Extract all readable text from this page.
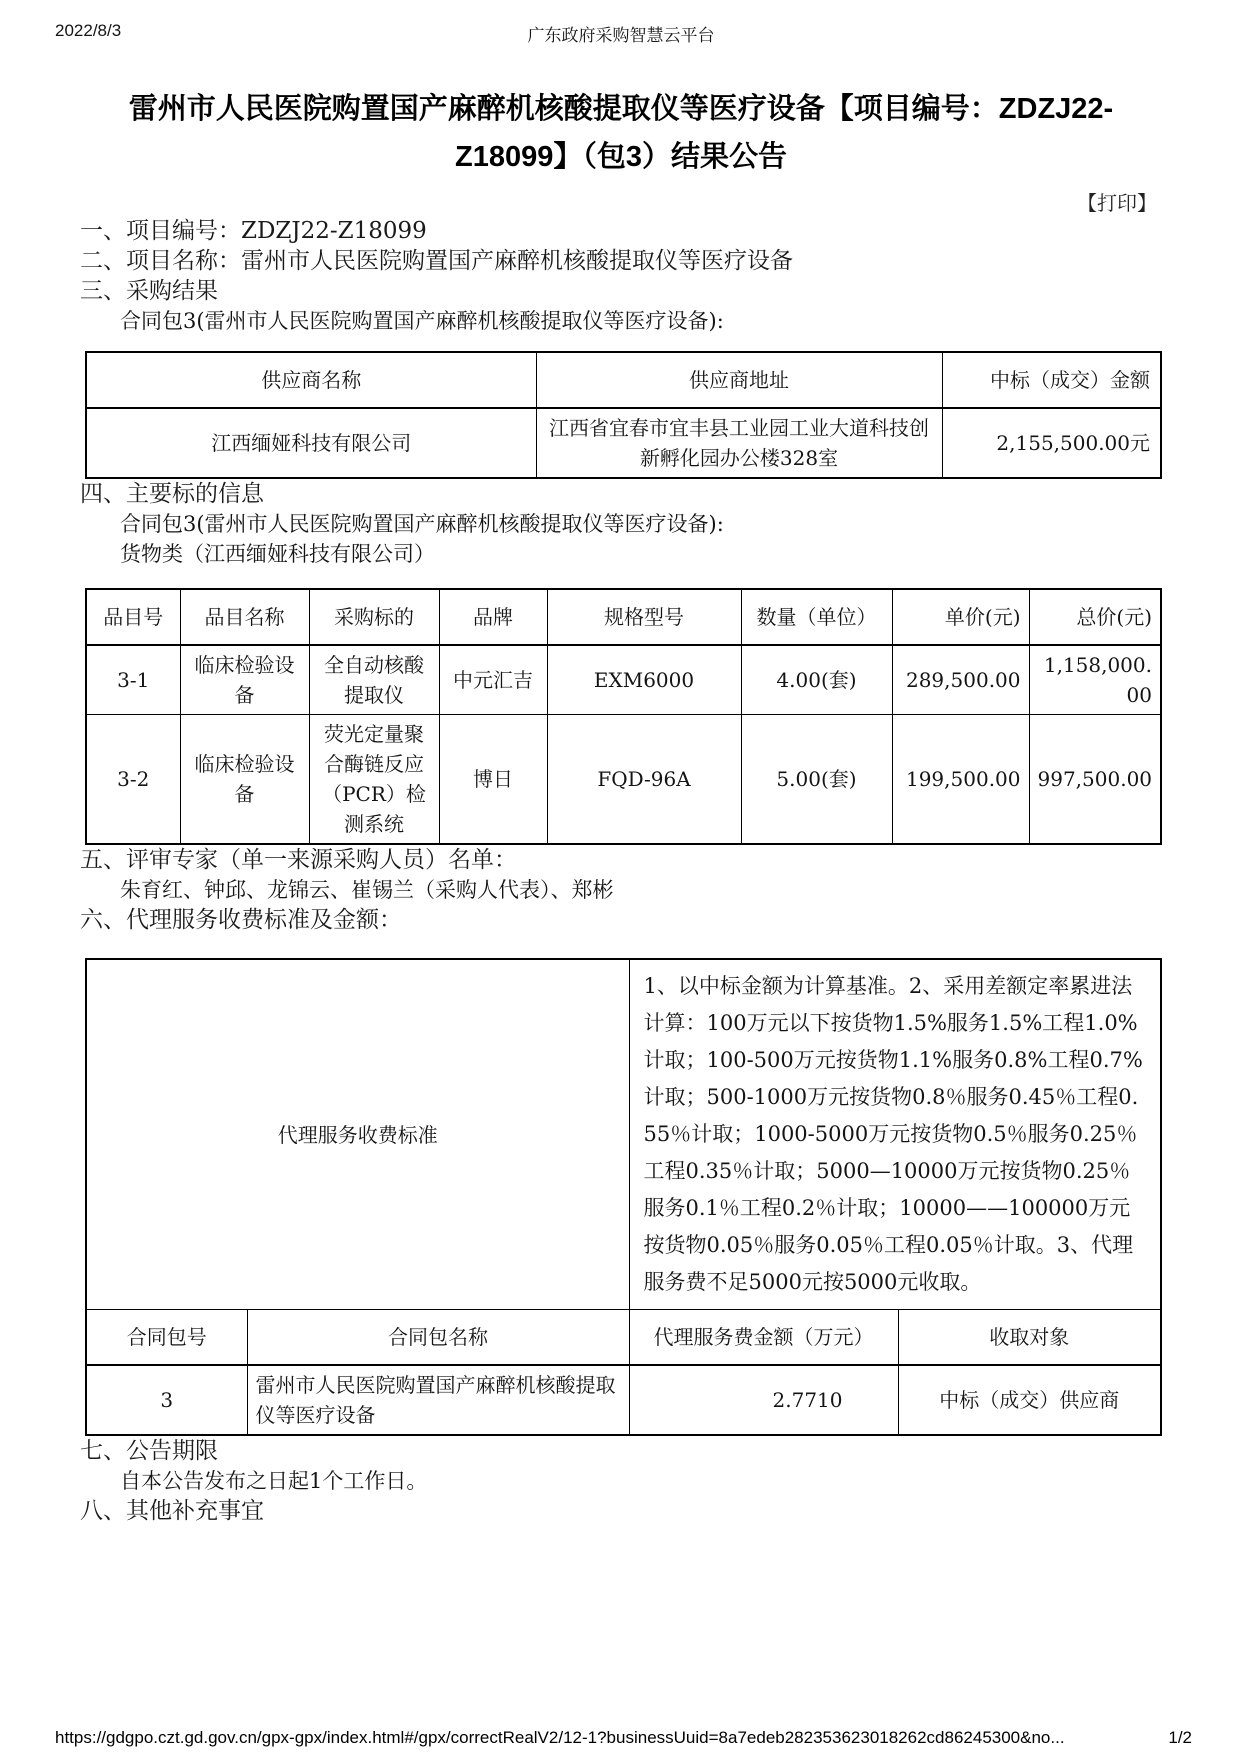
2022/8/3	广东政府采购智慧云平台
雷州市人民医院购置国产麻醉机核酸提取仪等医疗设备【项目编号：ZDZJ22-
Z18099】（包3）结果公告
【打印】
一、项目编号：ZDZJ22-Z18099
二、项目名称：雷州市人民医院购置国产麻醉机核酸提取仪等医疗设备
三、采购结果

合同包3(雷州市人民医院购置国产麻醉机核酸提取仪等医疗设备):

供应商名称	供应商地址	中标（成交）金额
江西缅娅科技有限公司	江西省宜春市宜丰县工业园工业大道科技创新孵化园办公楼328室	2,155,500.00元
四、主要标的信息

合同包3(雷州市人民医院购置国产麻醉机核酸提取仪等医疗设备):

货物类（江西缅娅科技有限公司）

品目号	品目名称	采购标的	品牌	规格型号	数量（单位）	单价(元)	总价(元)
3-1	临床检验设备	全自动核酸提取仪	中元汇吉	EXM6000	4.00(套)	289,500.00	1,158,000.00
3-2	临床检验设备	荧光定量聚合酶链反应（PCR）检测系统	博日	FQD-96A	5.00(套)	199,500.00	997,500.00
五、评审专家（单一来源采购人员）名单：

朱育红、钟邱、龙锦云、崔锡兰（采购人代表）、郑彬

六、代理服务收费标准及金额：
代理服务收费标准		1、以中标金额为计算基准。2、采用差额定率累进法计算：100万元以下按货物1.5%服务1.5%工程1.0%计取；100-500万元按货物1.1%服务0.8%工程0.7%计取；500-1000万元按货物0.8％服务0.45％工程0.55％计取；1000-5000万元按货物0.5％服务0.25％工程0.35％计取；5000—10000万元按货物0.25％服务0.1％工程0.2％计取；10000——100000万元按货物0.05％服务0.05％工程0.05％计取。3、代理服务费不足5000元按5000元收取。	
合同包号	合同包名称	代理服务费金额（万元）	收取对象
3	雷州市人民医院购置国产麻醉机核酸提取仪等医疗设备	2.7710	中标（成交）供应商
七、公告期限

自本公告发布之日起1个工作日。

八、其他补充事宜
https://gdgpo.czt.gd.gov.cn/gpx-gpx/index.html#/gpx/correctRealV2/12-1?businessUuid=8a7edeb282353623018262cd86245300&no...	1/2
